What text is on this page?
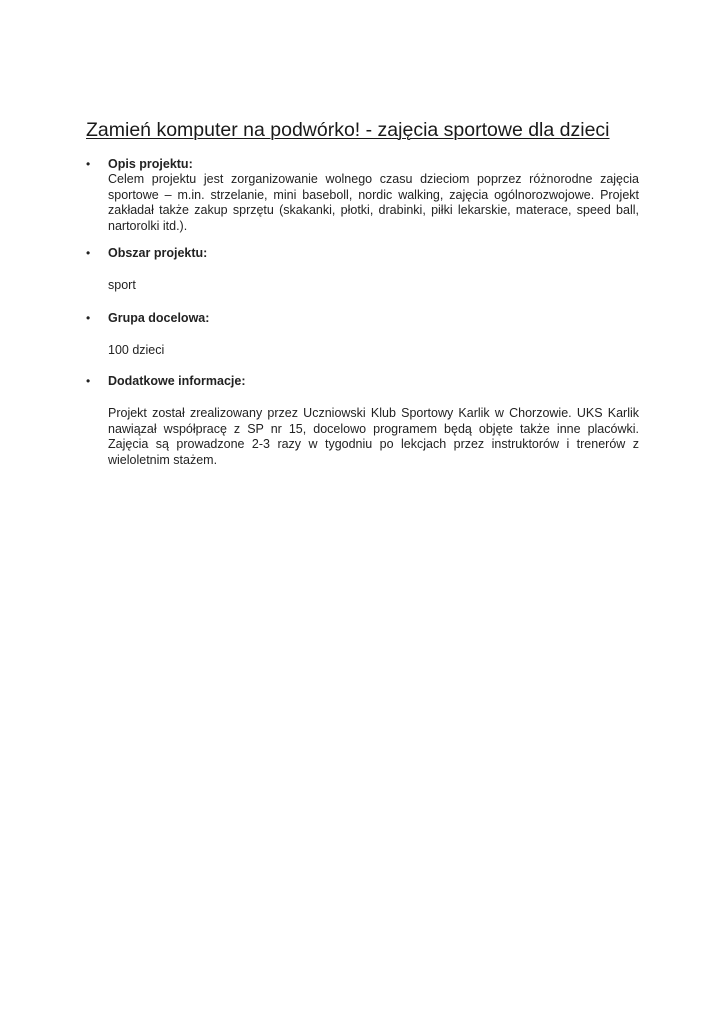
Zamień komputer na podwórko! - zajęcia sportowe dla dzieci
• Opis projektu:
Celem projektu jest zorganizowanie wolnego czasu dzieciom poprzez różnorodne zajęcia sportowe – m.in. strzelanie, mini baseboll, nordic walking, zajęcia ogólnorozwojowe. Projekt zakładał także zakup sprzętu (skakanki, płotki, drabinki, piłki lekarskie, materace, speed ball, nartorolki itd.).
• Obszar projektu:
sport
• Grupa docelowa:
100 dzieci
• Dodatkowe informacje:
Projekt został zrealizowany przez Uczniowski Klub Sportowy Karlik w Chorzowie. UKS Karlik nawiązał współpracę z SP nr 15, docelowo programem będą objęte także inne placówki. Zajęcia są prowadzone 2-3 razy w tygodniu po lekcjach przez instruktorów i trenerów z wieloletnim stażem.
